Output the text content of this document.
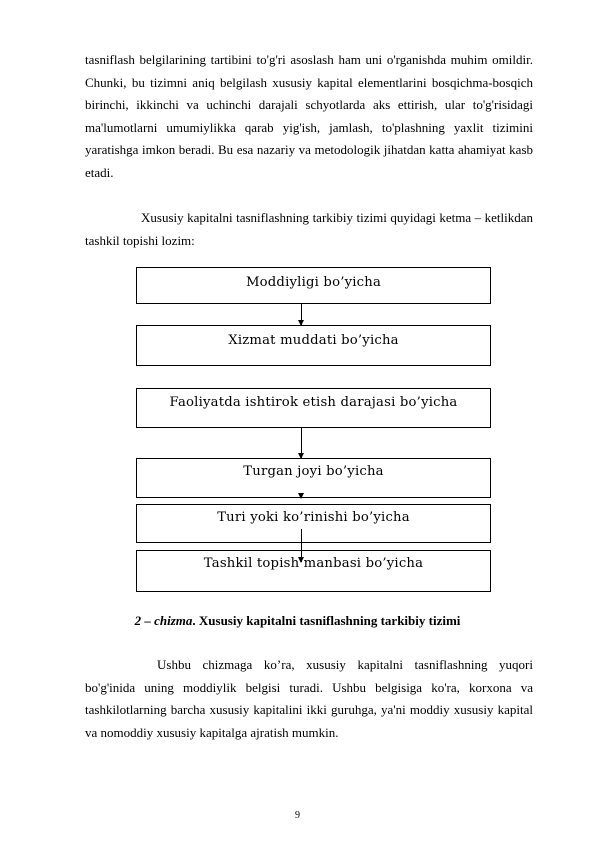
tasniflash belgilarining tartibini to'g'ri asoslash ham uni o'rganishda muhim omildir. Chunki, bu tizimni aniq belgilash xususiy kapital elementlarini bosqichma-bosqich birinchi, ikkinchi va uchinchi darajali schyotlarda aks ettirish, ular to'g'risidagi ma'lumotlarni umumiylikka qarab yig'ish, jamlash, to'plashning yaxlit tizimini yaratishga imkon beradi. Bu esa nazariy va metodologik jihatdan katta ahamiyat kasb etadi.

Xususiy kapitalni tasniflashning tarkibiy tizimi quyidagi ketma – ketlikdan tashkil topishi lozim:

Moddiyligi bo’yicha
Xizmat muddati bo’yicha
Faoliyatda ishtirok etish darajasi bo’yicha
Turgan joyi bo’yicha
Turi yoki ko’rinishi bo’yicha
Tashkil topish manbasi bo’yicha
2 – chizma. Xususiy kapitalni tasniflashning tarkibiy tizimi

Ushbu chizmaga ko’ra, xususiy kapitalni tasniflashning yuqori bo'g'inida uning moddiylik belgisi turadi. Ushbu belgisiga ko'ra, korxona va tashkilotlarning barcha xususiy kapitalini ikki guruhga, ya'ni moddiy xususiy kapital va nomoddiy xususiy kapitalga ajratish mumkin.

9
